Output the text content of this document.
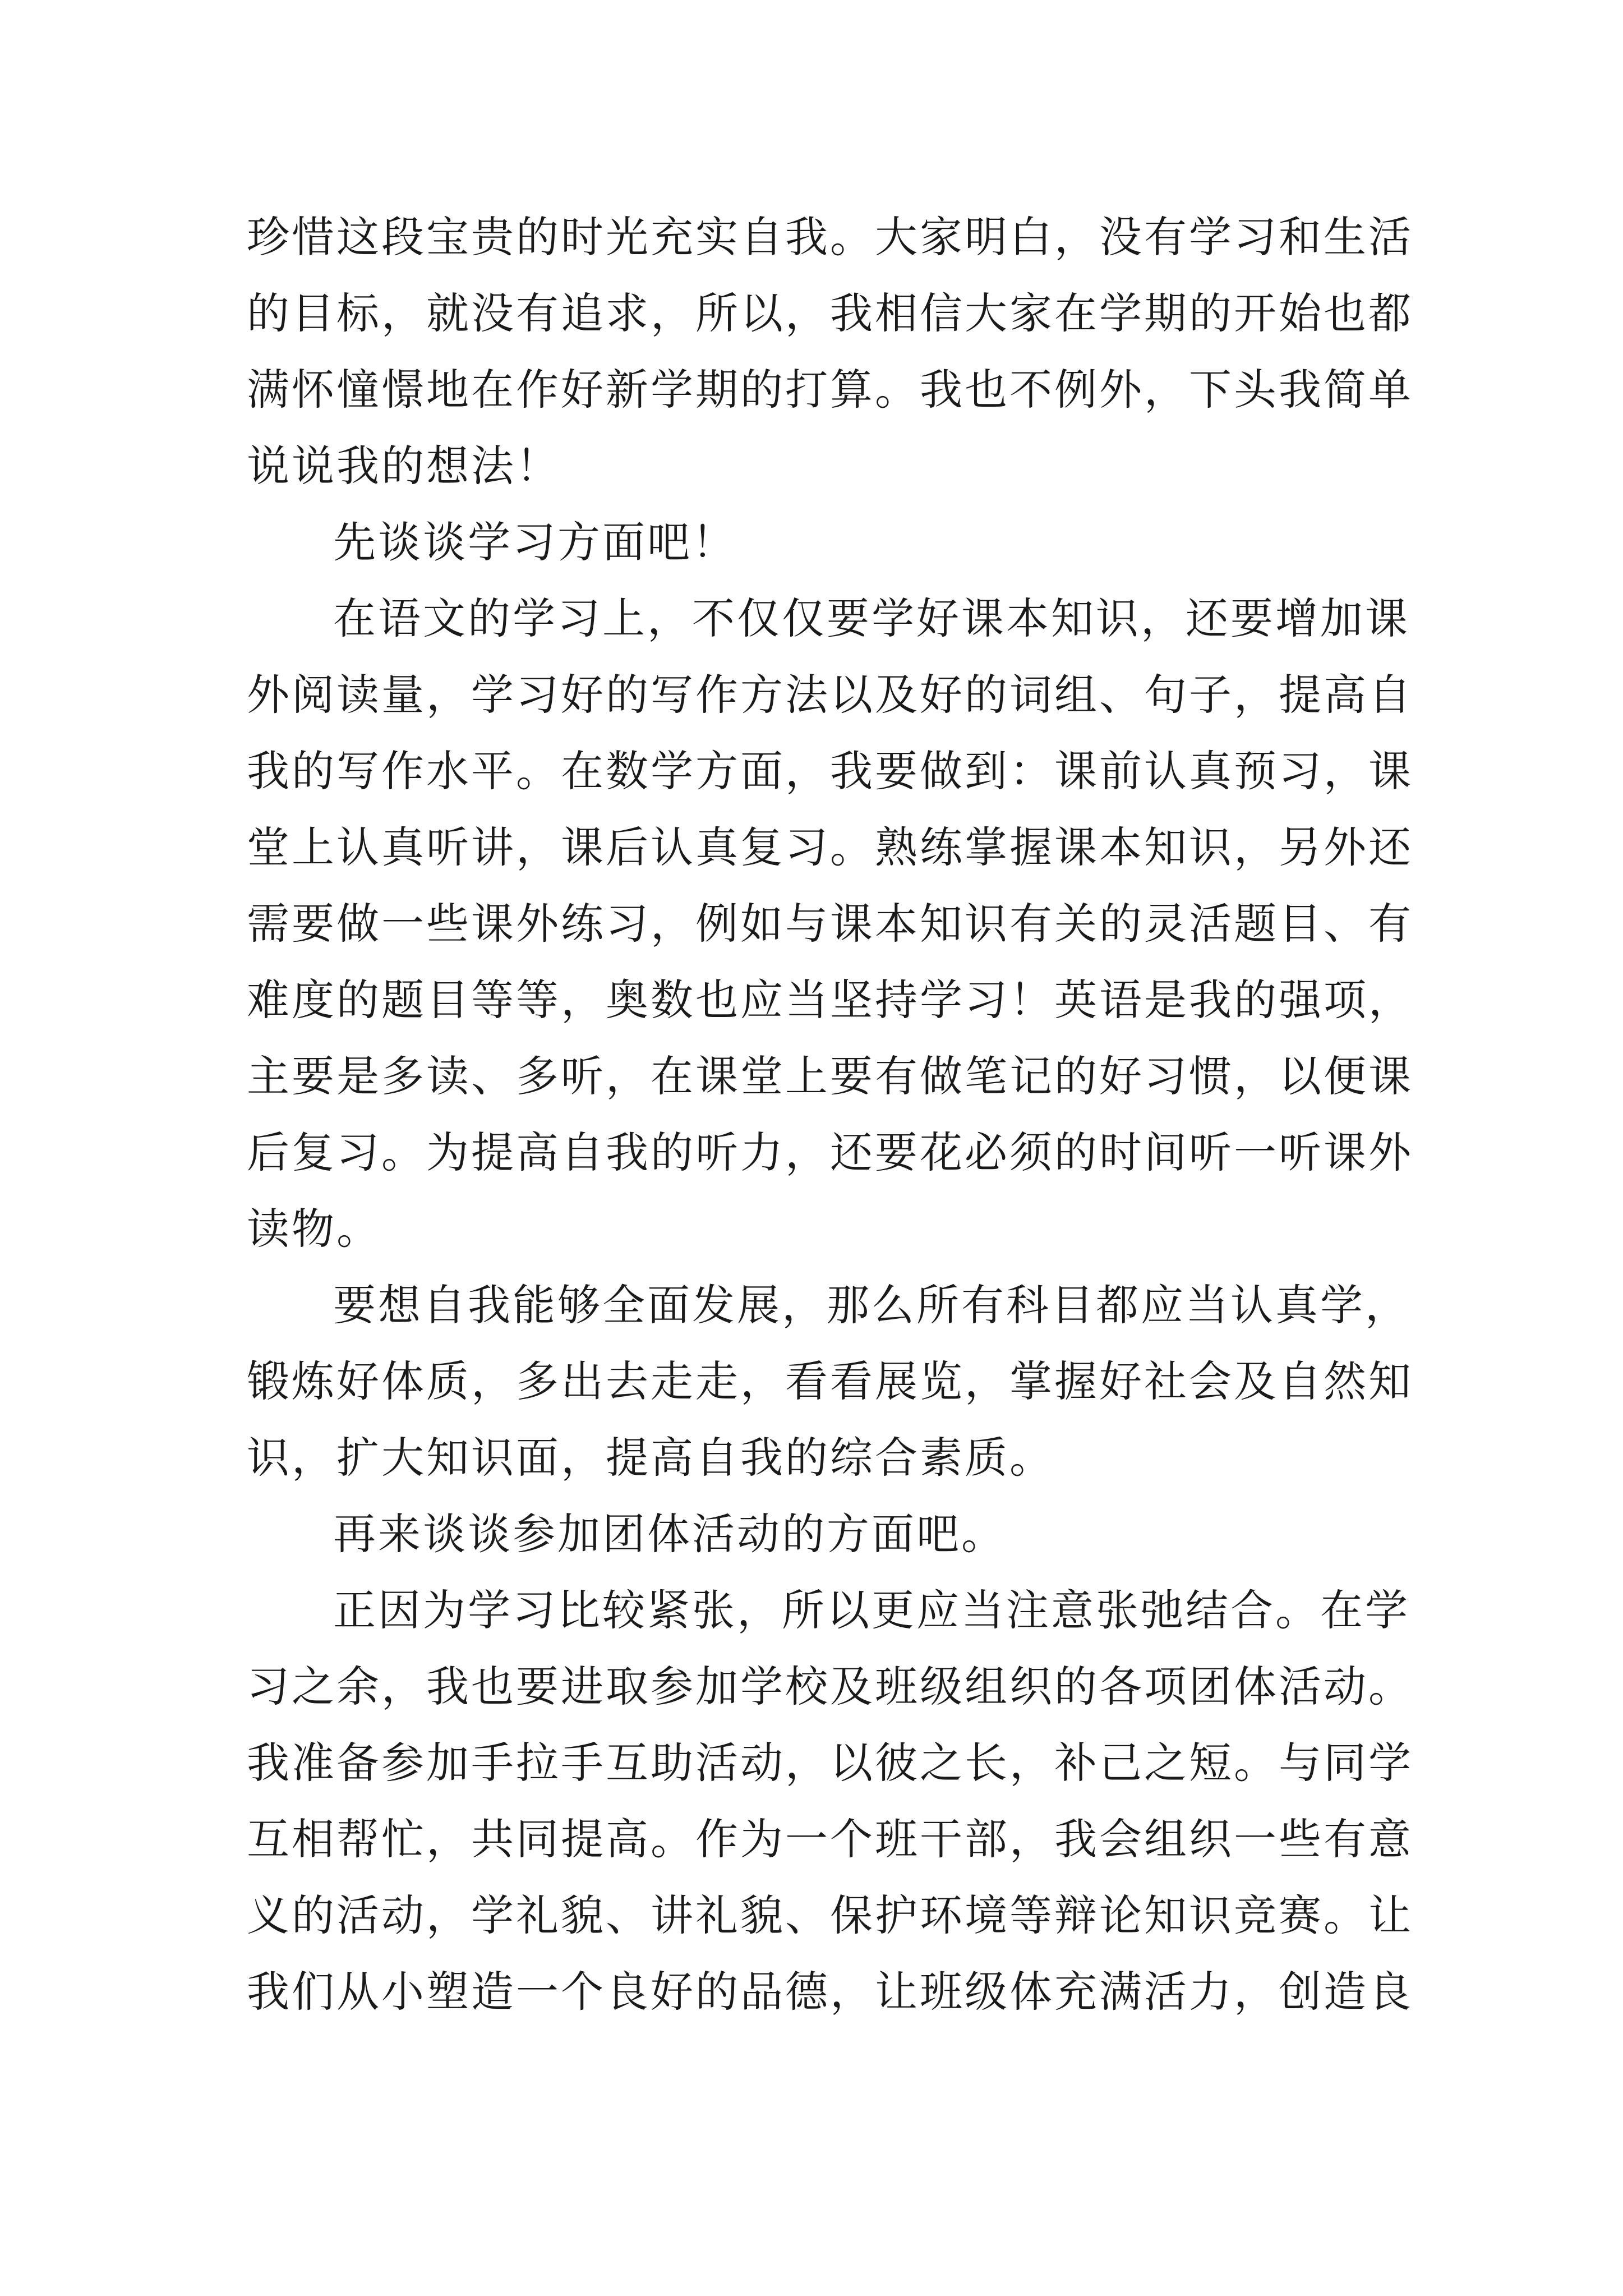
珍惜这段宝贵的时光充实自我。大家明白，没有学习和生活
的目标，就没有追求，所以，我相信大家在学期的开始也都
满怀憧憬地在作好新学期的打算。我也不例外，下头我简单
说说我的想法！
先谈谈学习方面吧！
在语文的学习上，不仅仅要学好课本知识，还要增加课
外阅读量，学习好的写作方法以及好的词组、句子，提高自
我的写作水平。在数学方面，我要做到：课前认真预习，课
堂上认真听讲，课后认真复习。熟练掌握课本知识，另外还
需要做一些课外练习，例如与课本知识有关的灵活题目、有
难度的题目等等，奥数也应当坚持学习！英语是我的强项，
主要是多读、多听，在课堂上要有做笔记的好习惯，以便课
后复习。为提高自我的听力，还要花必须的时间听一听课外
读物。
要想自我能够全面发展，那么所有科目都应当认真学，
锻炼好体质，多出去走走，看看展览，掌握好社会及自然知
识，扩大知识面，提高自我的综合素质。
再来谈谈参加团体活动的方面吧。
正因为学习比较紧张，所以更应当注意张弛结合。在学
习之余，我也要进取参加学校及班级组织的各项团体活动。
我准备参加手拉手互助活动，以彼之长，补己之短。与同学
互相帮忙，共同提高。作为一个班干部，我会组织一些有意
义的活动，学礼貌、讲礼貌、保护环境等辩论知识竞赛。让
我们从小塑造一个良好的品德，让班级体充满活力，创造良
